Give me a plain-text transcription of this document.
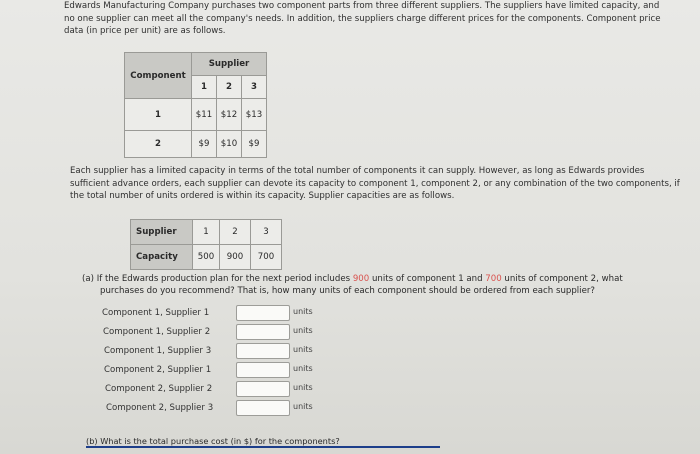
Edwards Manufacturing Company purchases two component parts from three different suppliers. The suppliers have limited capacity, and no one supplier can meet all the company's needs. In addition, the suppliers charge different prices for the components. Component price data (in price per unit) are as follows.
Component	Supplier		
	1	2	3
1	$11	$12	$13
2	$9	$10	$9
Each supplier has a limited capacity in terms of the total number of components it can supply. However, as long as Edwards provides sufficient advance orders, each supplier can devote its capacity to component 1, component 2, or any combination of the two components, if the total number of units ordered is within its capacity. Supplier capacities are as follows.
Supplier	1	2	3
Capacity	500	900	700
(a) If the Edwards production plan for the next period includes 900 units of component 1 and 700 units of component 2, what
purchases do you recommend? That is, how many units of each component should be ordered from each supplier?
Component 1, Supplier 1	units
Component 1, Supplier 2	units
Component 1, Supplier 3	units
Component 2, Supplier 1	units
Component 2, Supplier 2	units
Component 2, Supplier 3	units
(b) What is the total purchase cost (in $) for the components?
